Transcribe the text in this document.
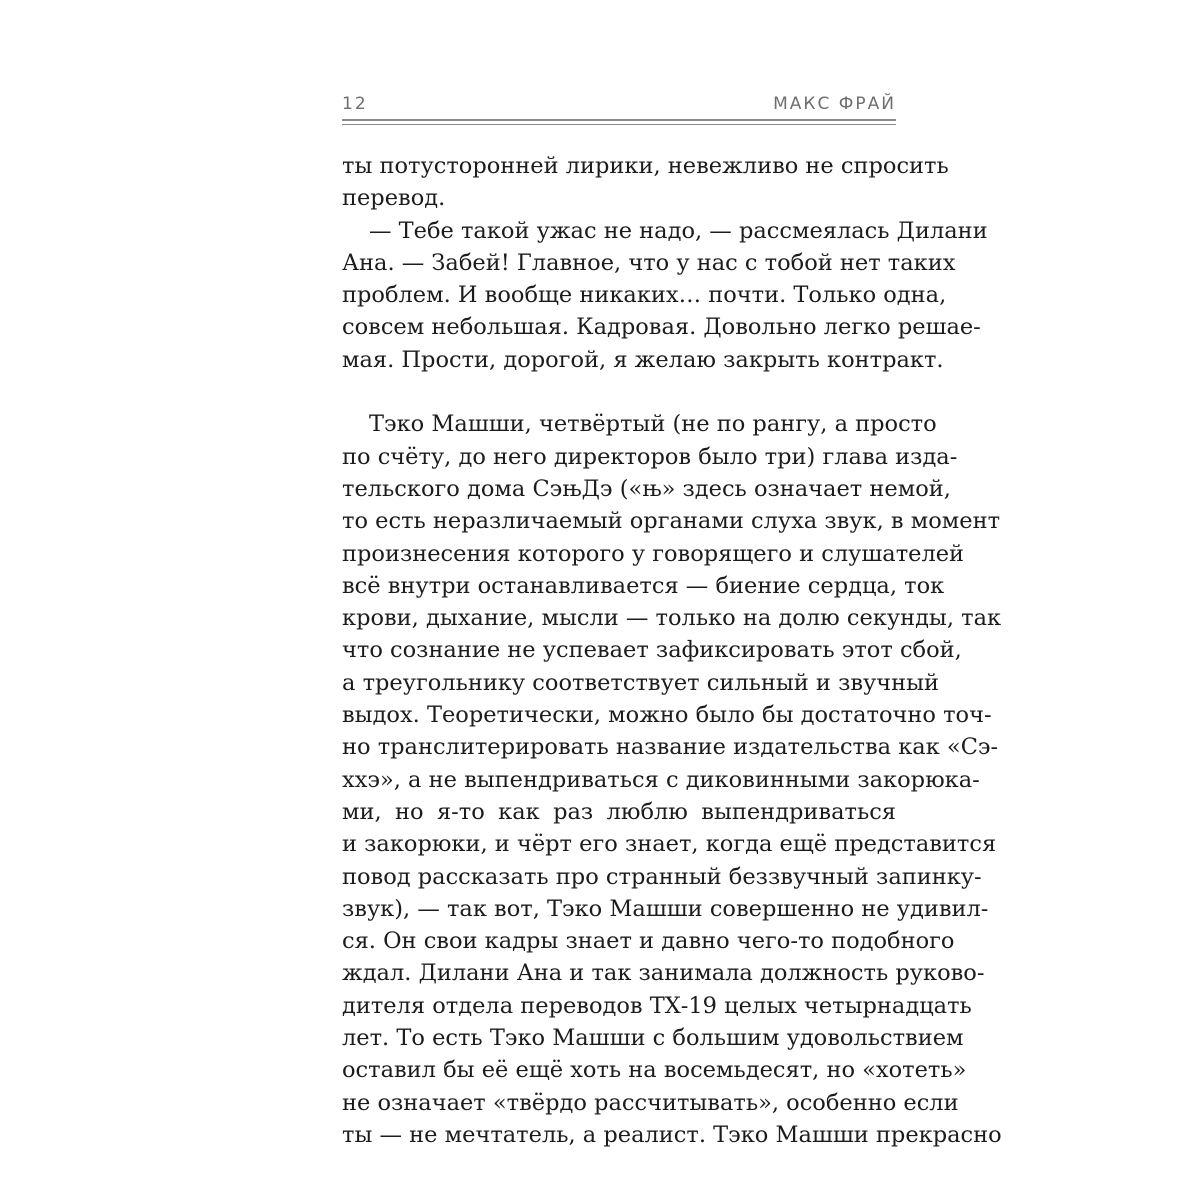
12	МАКС ФРАЙ

ты потусторонней лирики, невежливо не спросить
перевод.

— Тебе такой ужас не надо, — рассмеялась Дилани
Ана. — Забей! Главное, что у нас с тобой нет таких
проблем. И вообще никаких… почти. Только одна,
совсем небольшая. Кадровая. Довольно легко решае-
мая. Прости, дорогой, я желаю закрыть контракт.

Тэко Машши, четвёртый (не по рангу, а просто
по счёту, до него директоров было три) глава изда-
тельского дома СэњДэ («њ» здесь означает немой,
то есть неразличаемый органами слуха звук, в момент
произнесения которого у говорящего и слушателей
всё внутри останавливается — биение сердца, ток
крови, дыхание, мысли — только на долю секунды, так
что сознание не успевает зафиксировать этот сбой,
а треугольнику соответствует сильный и звучный
выдох. Теоретически, можно было бы достаточно точ-
но транслитерировать название издательства как «Сэ-
ххэ», а не выпендриваться с диковинными закорюка-
ми, но я-то как раз люблю выпендриваться
и закорюки, и чёрт его знает, когда ещё представится
повод рассказать про странный беззвучный запинку-
звук), — так вот, Тэко Машши совершенно не удивил-
ся. Он свои кадры знает и давно чего-то подобного
ждал. Дилани Ана и так занимала должность руково-
дителя отдела переводов ТХ-19 целых четырнадцать
лет. То есть Тэко Машши с большим удовольствием
оставил бы её ещё хоть на восемьдесят, но «хотеть»
не означает «твёрдо рассчитывать», особенно если
ты — не мечтатель, а реалист. Тэко Машши прекрасно
